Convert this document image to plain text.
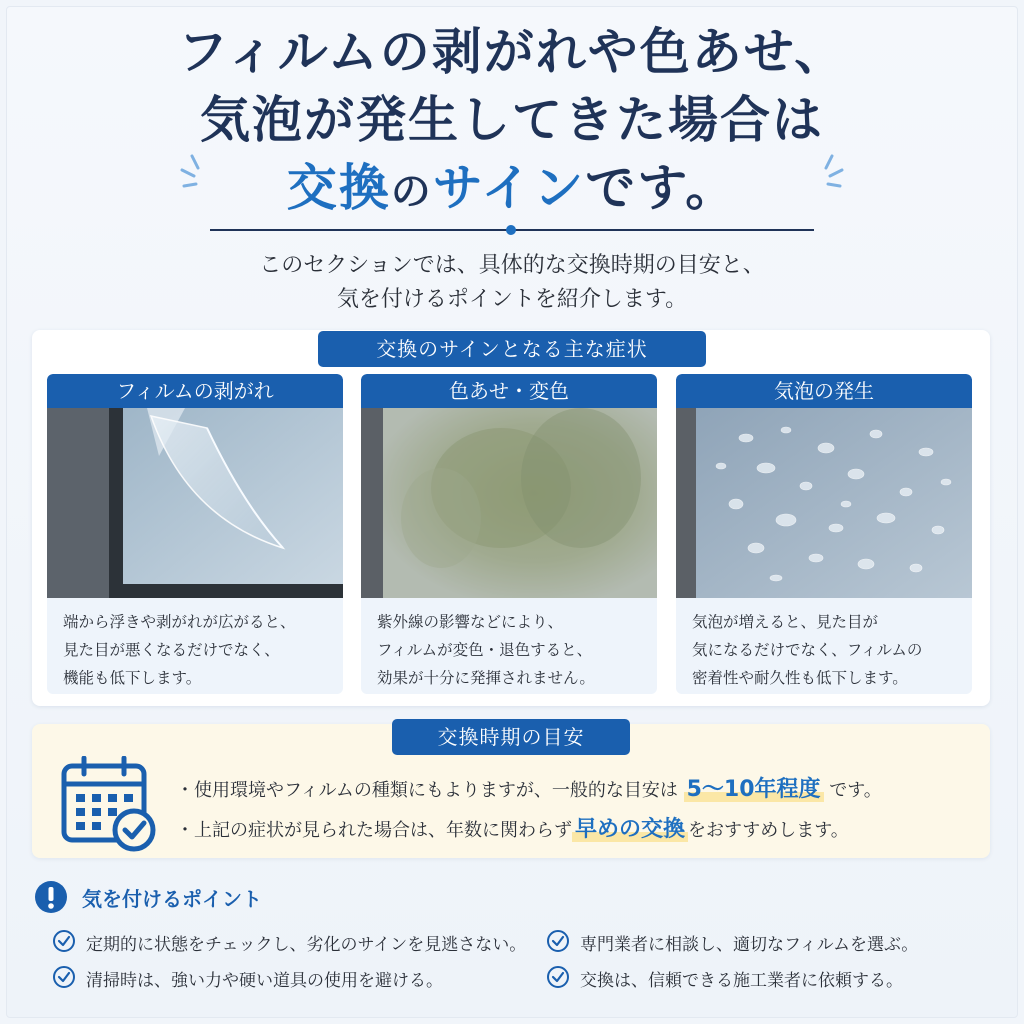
フィルムの剥がれや色あせ、
気泡が発生してきた場合は
交換のサインです。
このセクションでは、具体的な交換時期の目安と、
気を付けるポイントを紹介します。
交換のサインとなる主な症状
フィルムの剥がれ
端から浮きや剥がれが広がると、
見た目が悪くなるだけでなく、
機能も低下します。
色あせ・変色
紫外線の影響などにより、
フィルムが変色・退色すると、
効果が十分に発揮されません。
気泡の発生
気泡が増えると、見た目が
気になるだけでなく、フィルムの
密着性や耐久性も低下します。
交換時期の目安
・使用環境やフィルムの種類にもよりますが、一般的な目安は 5〜10年程度 です。
・上記の症状が見られた場合は、年数に関わらず 早めの交換 をおすすめします。
気を付けるポイント
定期的に状態をチェックし、劣化のサインを見逃さない。
清掃時は、強い力や硬い道具の使用を避ける。
専門業者に相談し、適切なフィルムを選ぶ。
交換は、信頼できる施工業者に依頼する。
